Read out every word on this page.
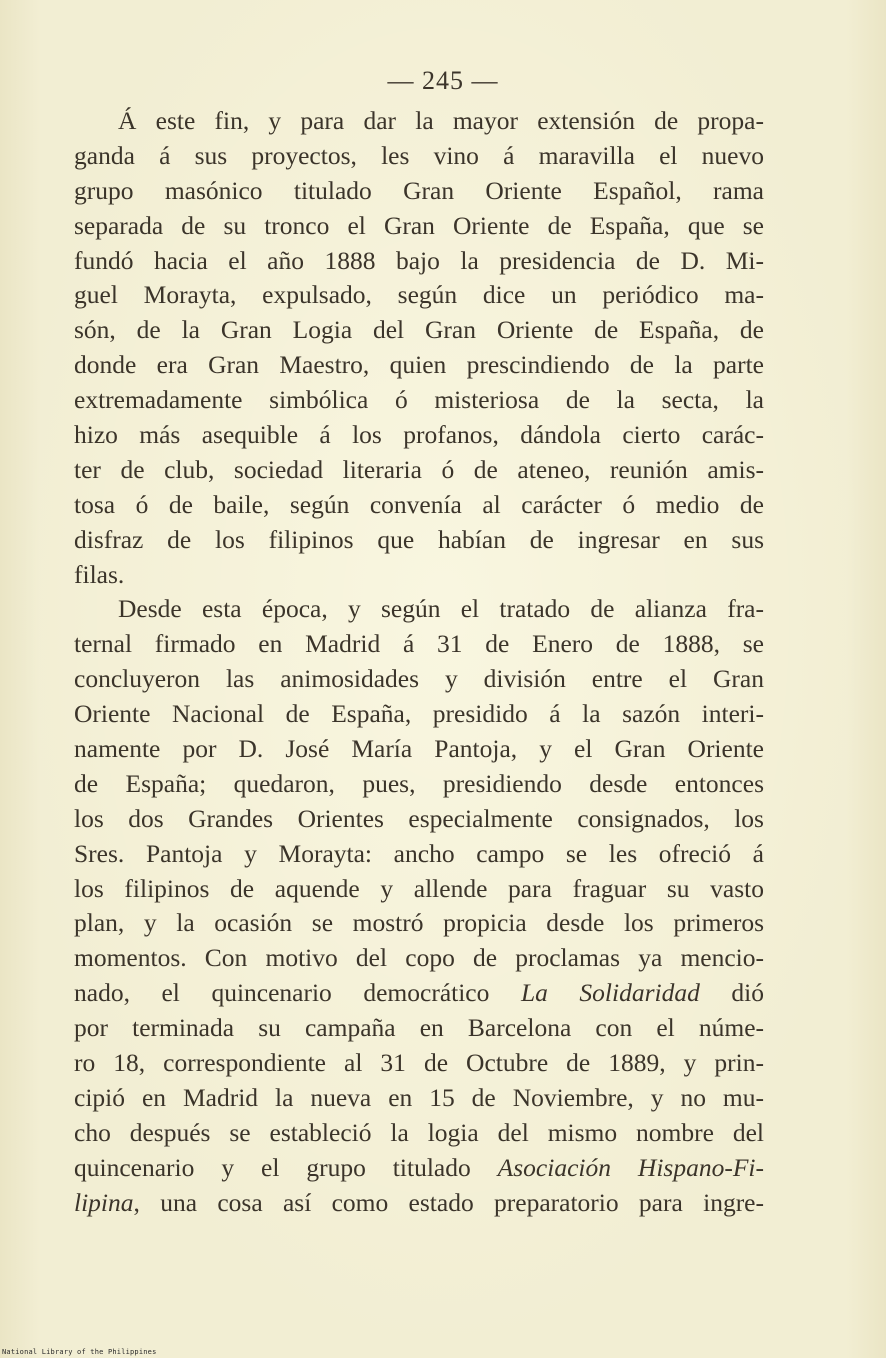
— 245 —
Á este fin, y para dar la mayor extensión de propa-
ganda á sus proyectos, les vino á maravilla el nuevo
grupo masónico titulado Gran Oriente Español, rama
separada de su tronco el Gran Oriente de España, que se
fundó hacia el año 1888 bajo la presidencia de D. Mi-
guel Morayta, expulsado, según dice un periódico ma-
són, de la Gran Logia del Gran Oriente de España, de
donde era Gran Maestro, quien prescindiendo de la parte
extremadamente simbólica ó misteriosa de la secta, la
hizo más asequible á los profanos, dándola cierto carác-
ter de club, sociedad literaria ó de ateneo, reunión amis-
tosa ó de baile, según convenía al carácter ó medio de
disfraz de los filipinos que habían de ingresar en sus
filas.
Desde esta época, y según el tratado de alianza fra-
ternal firmado en Madrid á 31 de Enero de 1888, se
concluyeron las animosidades y división entre el Gran
Oriente Nacional de España, presidido á la sazón interi-
namente por D. José María Pantoja, y el Gran Oriente
de España; quedaron, pues, presidiendo desde entonces
los dos Grandes Orientes especialmente consignados, los
Sres. Pantoja y Morayta: ancho campo se les ofreció á
los filipinos de aquende y allende para fraguar su vasto
plan, y la ocasión se mostró propicia desde los primeros
momentos. Con motivo del copo de proclamas ya mencio-
nado, el quincenario democrático La Solidaridad dió
por terminada su campaña en Barcelona con el núme-
ro 18, correspondiente al 31 de Octubre de 1889, y prin-
cipió en Madrid la nueva en 15 de Noviembre, y no mu-
cho después se estableció la logia del mismo nombre del
quincenario y el grupo titulado Asociación Hispano-Fi-
lipina, una cosa así como estado preparatorio para ingre-
National Library of the Philippines
